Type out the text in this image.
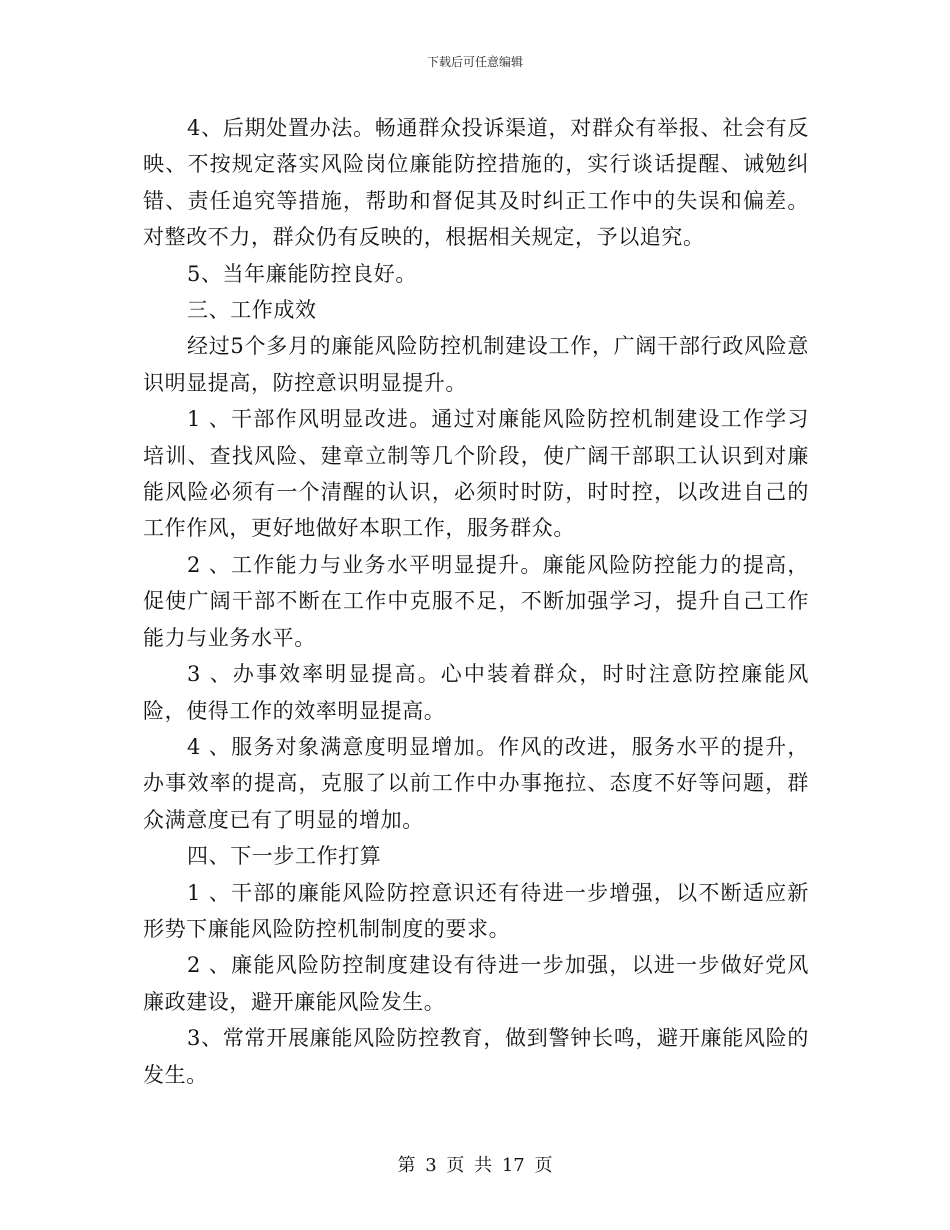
下载后可任意编辑

4、后期处置办法。畅通群众投诉渠道，对群众有举报、社会有反映、不按规定落实风险岗位廉能防控措施的，实行谈话提醒、诫勉纠错、责任追究等措施，帮助和督促其及时纠正工作中的失误和偏差。对整改不力，群众仍有反映的，根据相关规定，予以追究。

5、当年廉能防控良好。

三、工作成效

经过5个多月的廉能风险防控机制建设工作，广阔干部行政风险意识明显提高，防控意识明显提升。

1 、干部作风明显改进。通过对廉能风险防控机制建设工作学习培训、查找风险、建章立制等几个阶段，使广阔干部职工认识到对廉能风险必须有一个清醒的认识，必须时时防，时时控，以改进自己的工作作风，更好地做好本职工作，服务群众。

2 、工作能力与业务水平明显提升。廉能风险防控能力的提高，促使广阔干部不断在工作中克服不足，不断加强学习，提升自己工作能力与业务水平。

3 、办事效率明显提高。心中装着群众，时时注意防控廉能风险，使得工作的效率明显提高。

4 、服务对象满意度明显增加。作风的改进，服务水平的提升，办事效率的提高，克服了以前工作中办事拖拉、态度不好等问题，群众满意度已有了明显的增加。

四、下一步工作打算

1 、干部的廉能风险防控意识还有待进一步增强，以不断适应新形势下廉能风险防控机制制度的要求。

2 、廉能风险防控制度建设有待进一步加强，以进一步做好党风廉政建设，避开廉能风险发生。

3、常常开展廉能风险防控教育，做到警钟长鸣，避开廉能风险的发生。

第 3 页 共 17 页
